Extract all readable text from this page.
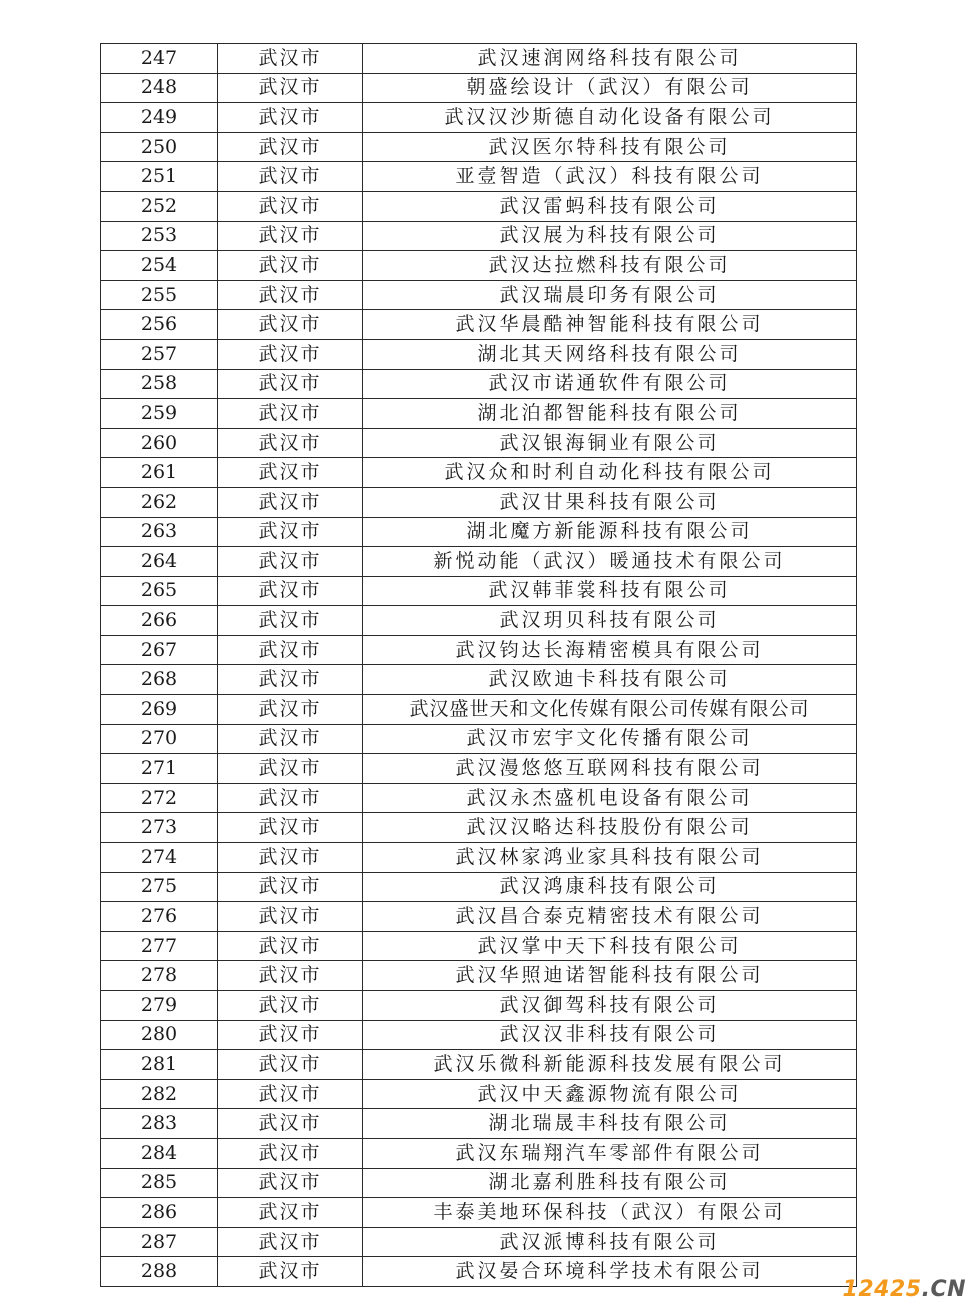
247	武汉市	武汉速润网络科技有限公司
248	武汉市	朝盛绘设计（武汉）有限公司
249	武汉市	武汉汉沙斯德自动化设备有限公司
250	武汉市	武汉医尔特科技有限公司
251	武汉市	亚壹智造（武汉）科技有限公司
252	武汉市	武汉雷蚂科技有限公司
253	武汉市	武汉展为科技有限公司
254	武汉市	武汉达拉燃科技有限公司
255	武汉市	武汉瑞晨印务有限公司
256	武汉市	武汉华晨酷神智能科技有限公司
257	武汉市	湖北其天网络科技有限公司
258	武汉市	武汉市诺通软件有限公司
259	武汉市	湖北泊都智能科技有限公司
260	武汉市	武汉银海铜业有限公司
261	武汉市	武汉众和时利自动化科技有限公司
262	武汉市	武汉甘果科技有限公司
263	武汉市	湖北魔方新能源科技有限公司
264	武汉市	新悦动能（武汉）暖通技术有限公司
265	武汉市	武汉韩菲裳科技有限公司
266	武汉市	武汉玥贝科技有限公司
267	武汉市	武汉钧达长海精密模具有限公司
268	武汉市	武汉欧迪卡科技有限公司
269	武汉市	武汉盛世天和文化传媒有限公司传媒有限公司
270	武汉市	武汉市宏宇文化传播有限公司
271	武汉市	武汉漫悠悠互联网科技有限公司
272	武汉市	武汉永杰盛机电设备有限公司
273	武汉市	武汉汉略达科技股份有限公司
274	武汉市	武汉林家鸿业家具科技有限公司
275	武汉市	武汉鸿康科技有限公司
276	武汉市	武汉昌合泰克精密技术有限公司
277	武汉市	武汉掌中天下科技有限公司
278	武汉市	武汉华照迪诺智能科技有限公司
279	武汉市	武汉御驾科技有限公司
280	武汉市	武汉汉非科技有限公司
281	武汉市	武汉乐微科新能源科技发展有限公司
282	武汉市	武汉中天鑫源物流有限公司
283	武汉市	湖北瑞晟丰科技有限公司
284	武汉市	武汉东瑞翔汽车零部件有限公司
285	武汉市	湖北嘉利胜科技有限公司
286	武汉市	丰泰美地环保科技（武汉）有限公司
287	武汉市	武汉派博科技有限公司
288	武汉市	武汉晏合环境科学技术有限公司
12425.CN
